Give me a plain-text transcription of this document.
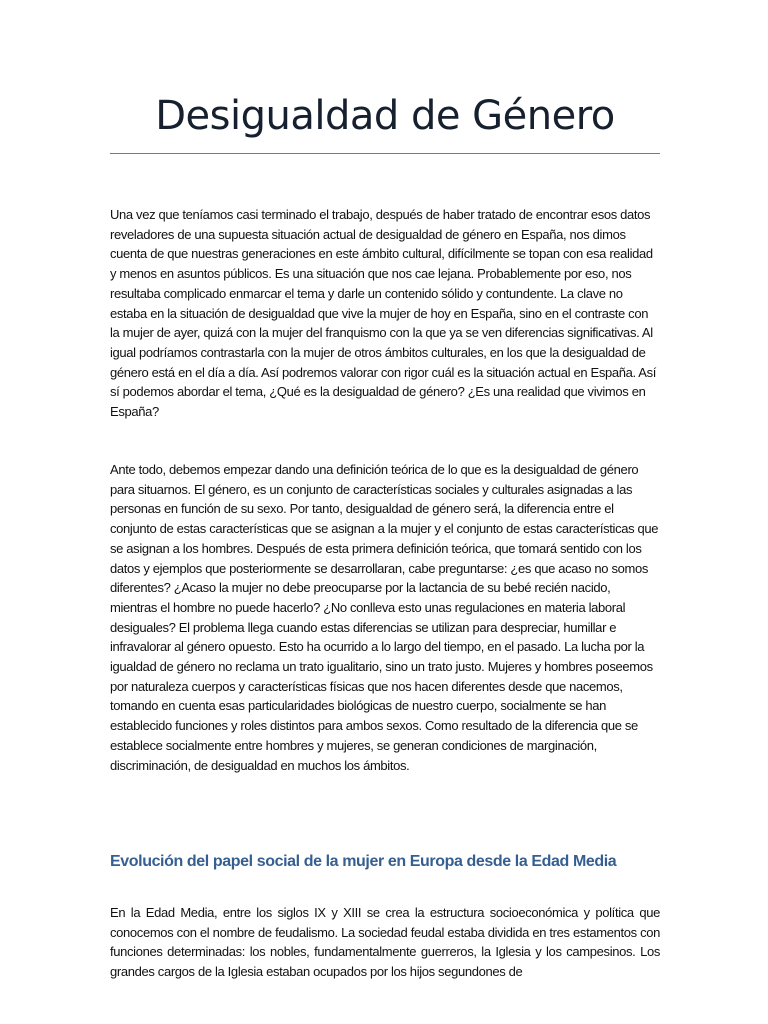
Desigualdad de Género

Una vez que teníamos casi terminado el trabajo, después de haber tratado de encontrar esos datos reveladores de una supuesta situación actual de desigualdad de género en España, nos dimos cuenta de que nuestras generaciones en este ámbito cultural, difícilmente se topan con esa realidad y menos en asuntos públicos. Es una situación que nos cae lejana. Probablemente por eso, nos resultaba complicado enmarcar el tema y darle un contenido sólido y contundente. La clave no estaba en la situación de desigualdad que vive la mujer de hoy en España, sino en el contraste con la mujer de ayer, quizá con la mujer del franquismo con la que ya se ven diferencias significativas. Al igual podríamos contrastarla con la mujer de otros ámbitos culturales, en los que la desigualdad de género está en el día a día. Así podremos valorar con rigor cuál es la situación actual en España. Así sí podemos abordar el tema, ¿Qué es la desigualdad de género? ¿Es una realidad que vivimos en España?

Ante todo, debemos empezar dando una definición teórica de lo que es la desigualdad de género para situarnos. El género, es un conjunto de características sociales y culturales asignadas a las personas en función de su sexo. Por tanto, desigualdad de género será, la diferencia entre el conjunto de estas características que se asignan a la mujer y el conjunto de estas características que se asignan a los hombres. Después de esta primera definición teórica, que tomará sentido con los datos y ejemplos que posteriormente se desarrollaran, cabe preguntarse: ¿es que acaso no somos diferentes? ¿Acaso la mujer no debe preocuparse por la lactancia de su bebé recién nacido, mientras el hombre no puede hacerlo? ¿No conlleva esto unas regulaciones en materia laboral desiguales? El problema llega cuando estas diferencias se utilizan para despreciar, humillar e infravalorar al género opuesto. Esto ha ocurrido a lo largo del tiempo, en el pasado. La lucha por la igualdad de género no reclama un trato igualitario, sino un trato justo. Mujeres y hombres poseemos por naturaleza cuerpos y características físicas que nos hacen diferentes desde que nacemos, tomando en cuenta esas particularidades biológicas de nuestro cuerpo, socialmente se han establecido funciones y roles distintos para ambos sexos. Como resultado de la diferencia que se establece socialmente entre hombres y mujeres, se generan condiciones de marginación, discriminación, de desigualdad en muchos los ámbitos.

Evolución del papel social de la mujer en Europa desde la Edad Media

En la Edad Media, entre los siglos IX y XIII se crea la estructura socioeconómica y política que conocemos con el nombre de feudalismo. La sociedad feudal estaba dividida en tres estamentos con funciones determinadas: los nobles, fundamentalmente guerreros, la Iglesia y los campesinos. Los grandes cargos de la Iglesia estaban ocupados por los hijos segundones de
